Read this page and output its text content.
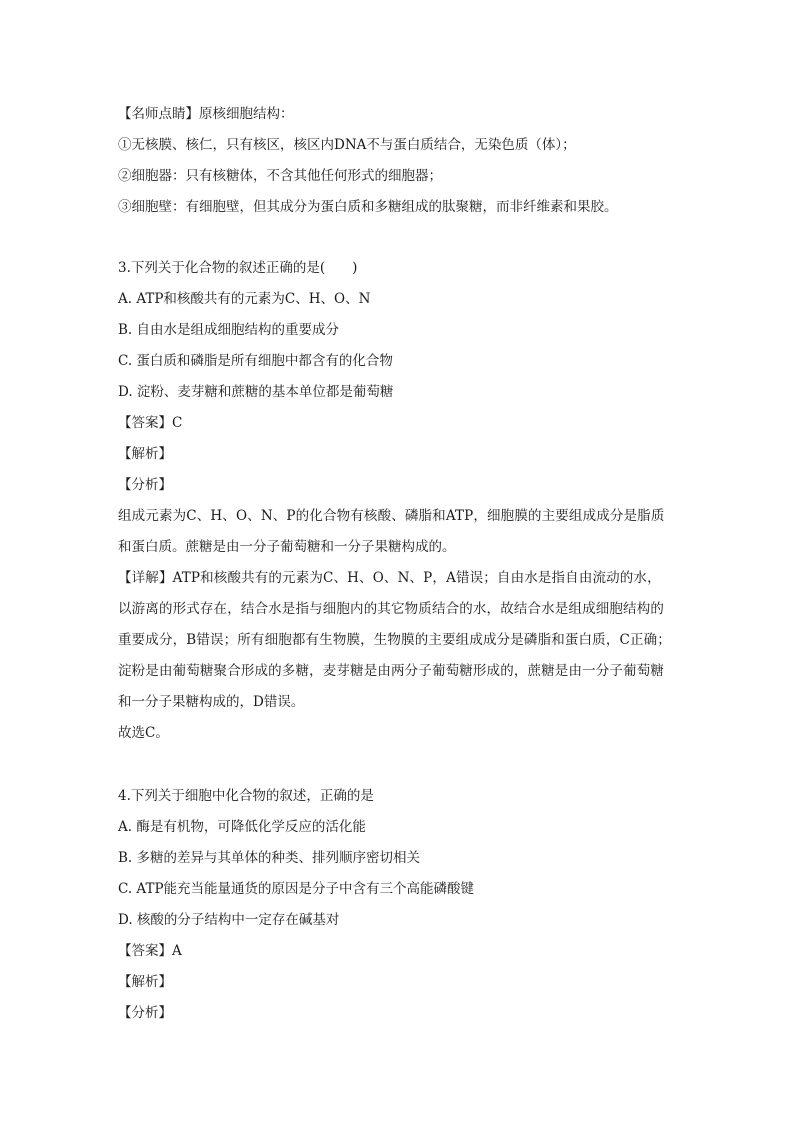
【名师点睛】原核细胞结构：
①无核膜、核仁，只有核区，核区内DNA不与蛋白质结合，无染色质（体）；
②细胞器：只有核糖体，不含其他任何形式的细胞器；
③细胞壁：有细胞壁，但其成分为蛋白质和多糖组成的肽聚糖，而非纤维素和果胶。
3.下列关于化合物的叙述正确的是(　　)
A. ATP和核酸共有的元素为C、H、O、N
B. 自由水是组成细胞结构的重要成分
C. 蛋白质和磷脂是所有细胞中都含有的化合物
D. 淀粉、麦芽糖和蔗糖的基本单位都是葡萄糖
【答案】C
【解析】
【分析】
组成元素为C、H、O、N、P的化合物有核酸、磷脂和ATP，细胞膜的主要组成成分是脂质
和蛋白质。蔗糖是由一分子葡萄糖和一分子果糖构成的。
【详解】ATP和核酸共有的元素为C、H、O、N、P，A错误；自由水是指自由流动的水，
以游离的形式存在，结合水是指与细胞内的其它物质结合的水，故结合水是组成细胞结构的
重要成分，B错误；所有细胞都有生物膜，生物膜的主要组成成分是磷脂和蛋白质，C正确；
淀粉是由葡萄糖聚合形成的多糖，麦芽糖是由两分子葡萄糖形成的，蔗糖是由一分子葡萄糖
和一分子果糖构成的，D错误。
故选C。
4.下列关于细胞中化合物的叙述，正确的是
A. 酶是有机物，可降低化学反应的活化能
B. 多糖的差异与其单体的种类、排列顺序密切相关
C. ATP能充当能量通货的原因是分子中含有三个高能磷酸键
D. 核酸的分子结构中一定存在碱基对
【答案】A
【解析】
【分析】
